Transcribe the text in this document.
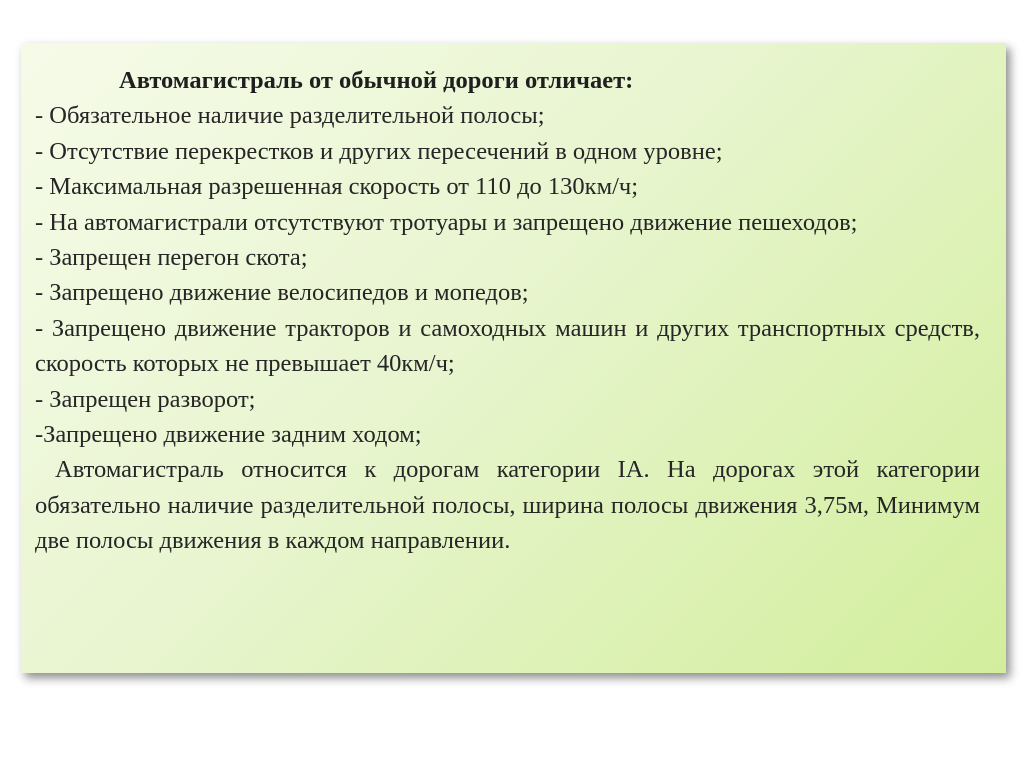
Автомагистраль от обычной дороги отличает:
- Обязательное наличие разделительной полосы;
- Отсутствие перекрестков и других пересечений в одном уровне;
- Максимальная разрешенная скорость от 110 до 130км/ч;
- На автомагистрали отсутствуют тротуары и запрещено движение пешеходов;
- Запрещен перегон скота;
- Запрещено движение велосипедов и мопедов;
- Запрещено движение тракторов и самоходных машин и других транспортных средств, скорость которых не превышает 40км/ч;
- Запрещен разворот;
-Запрещено движение задним ходом;
Автомагистраль относится к дорогам категории IA. На дорогах этой категории обязательно наличие разделительной полосы, ширина полосы движения 3,75м, Минимум две полосы движения в каждом направлении.
